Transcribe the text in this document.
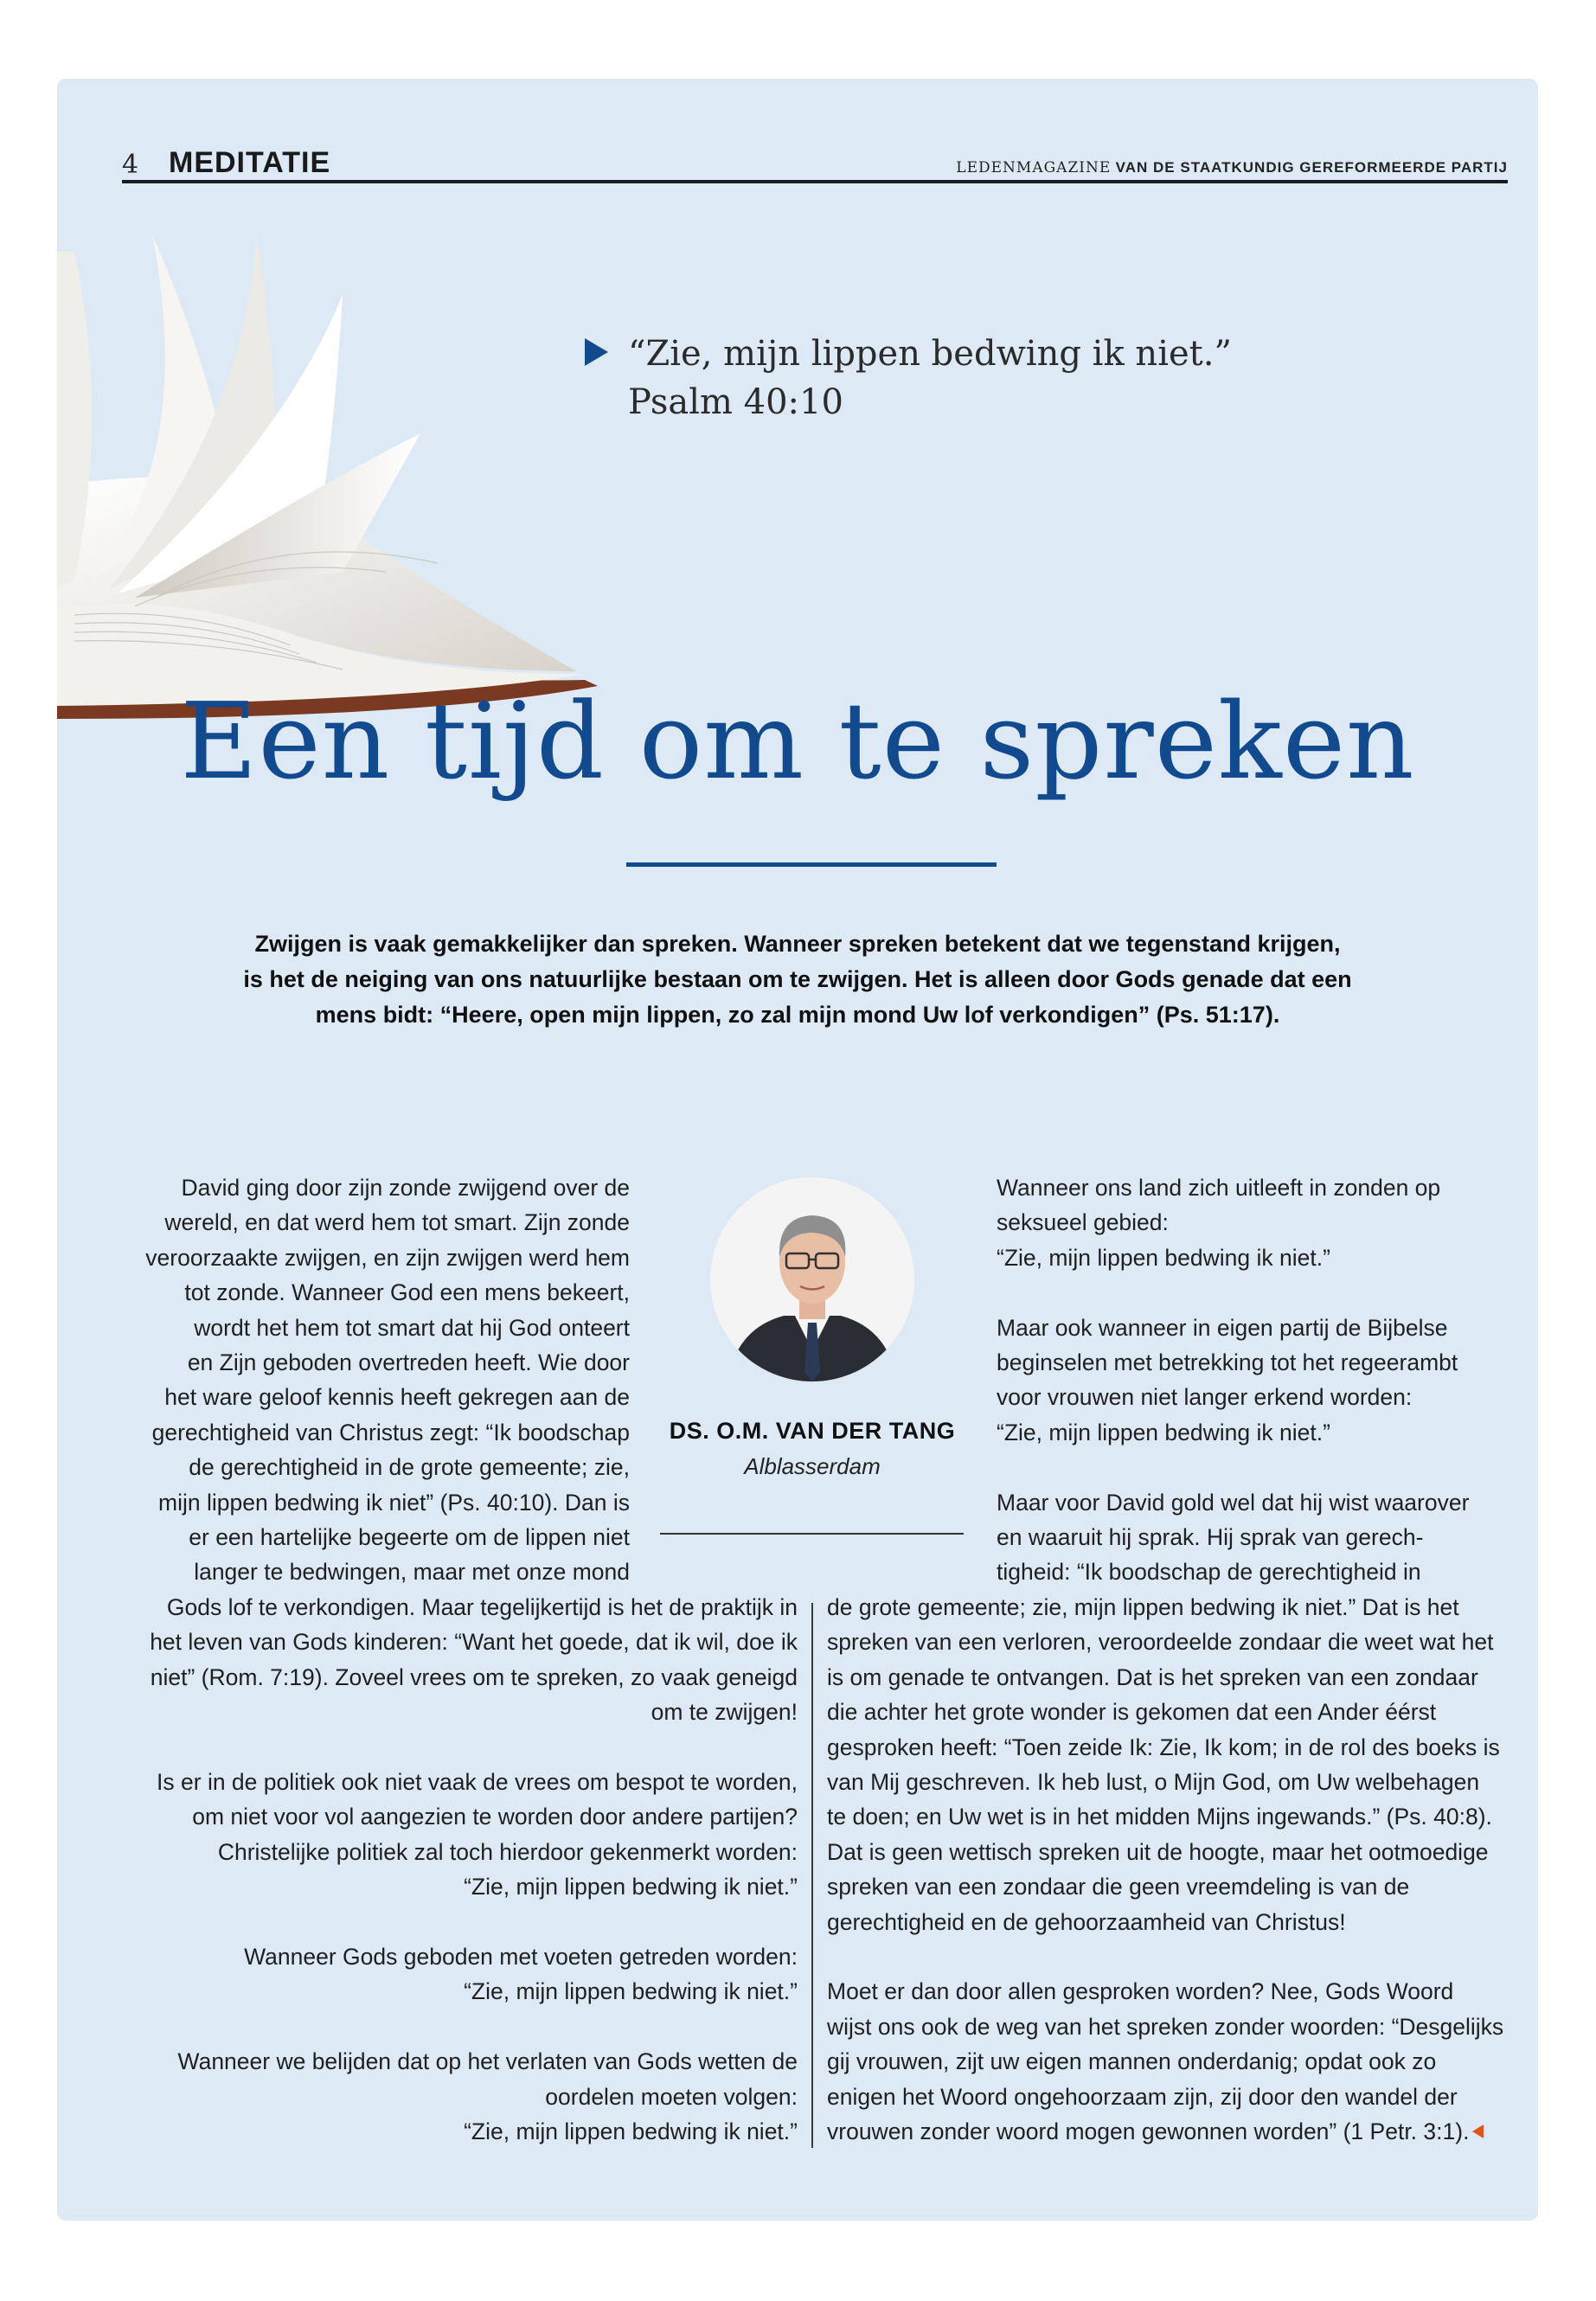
4 MEDITATIE	LEDENMAGAZINE VAN DE STAATKUNDIG GEREFORMEERDE PARTIJ
“Zie, mijn lippen bedwing ik niet.”
Psalm 40:10
Een tijd om te spreken
Zwijgen is vaak gemakkelijker dan spreken. Wanneer spreken betekent dat we tegenstand krijgen,
is het de neiging van ons natuurlijke bestaan om te zwijgen. Het is alleen door Gods genade dat een
mens bidt: “Heere, open mijn lippen, zo zal mijn mond Uw lof verkondigen” (Ps. 51:17).
David ging door zijn zonde zwijgend over de
wereld, en dat werd hem tot smart. Zijn zonde
veroorzaakte zwijgen, en zijn zwijgen werd hem
tot zonde. Wanneer God een mens bekeert,
wordt het hem tot smart dat hij God onteert
en Zijn geboden overtreden heeft. Wie door
het ware geloof kennis heeft gekregen aan de
gerechtigheid van Christus zegt: “Ik boodschap
de gerechtigheid in de grote gemeente; zie,
mijn lippen bedwing ik niet” (Ps. 40:10). Dan is
er een hartelijke begeerte om de lippen niet
langer te bedwingen, maar met onze mond
DS. O.M. VAN DER TANG
Alblasserdam

Wanneer ons land zich uitleeft in zonden op
seksueel gebied:
“Zie, mijn lippen bedwing ik niet.”

Maar ook wanneer in eigen partij de Bijbelse
beginselen met betrekking tot het regeerambt
voor vrouwen niet langer erkend worden:
“Zie, mijn lippen bedwing ik niet.”

Maar voor David gold wel dat hij wist waarover
en waaruit hij sprak. Hij sprak van gerech-
tigheid: “Ik boodschap de gerechtigheid in

Gods lof te verkondigen. Maar tegelijkertijd is het de praktijk in
het leven van Gods kinderen: “Want het goede, dat ik wil, doe ik
niet” (Rom. 7:19). Zoveel vrees om te spreken, zo vaak geneigd
om te zwijgen!

Is er in de politiek ook niet vaak de vrees om bespot te worden,
om niet voor vol aangezien te worden door andere partijen?
Christelijke politiek zal toch hierdoor gekenmerkt worden:
“Zie, mijn lippen bedwing ik niet.”

Wanneer Gods geboden met voeten getreden worden:
“Zie, mijn lippen bedwing ik niet.”

Wanneer we belijden dat op het verlaten van Gods wetten de
oordelen moeten volgen:
“Zie, mijn lippen bedwing ik niet.”

de grote gemeente; zie, mijn lippen bedwing ik niet.” Dat is het
spreken van een verloren, veroordeelde zondaar die weet wat het
is om genade te ontvangen. Dat is het spreken van een zondaar
die achter het grote wonder is gekomen dat een Ander éérst
gesproken heeft: “Toen zeide Ik: Zie, Ik kom; in de rol des boeks is
van Mij geschreven. Ik heb lust, o Mijn God, om Uw welbehagen
te doen; en Uw wet is in het midden Mijns ingewands.” (Ps. 40:8).
Dat is geen wettisch spreken uit de hoogte, maar het ootmoedige
spreken van een zondaar die geen vreemdeling is van de
gerechtigheid en de gehoorzaamheid van Christus!

Moet er dan door allen gesproken worden? Nee, Gods Woord
wijst ons ook de weg van het spreken zonder woorden: “Desgelijks
gij vrouwen, zijt uw eigen mannen onderdanig; opdat ook zo
enigen het Woord ongehoorzaam zijn, zij door den wandel der
vrouwen zonder woord mogen gewonnen worden” (1 Petr. 3:1).
